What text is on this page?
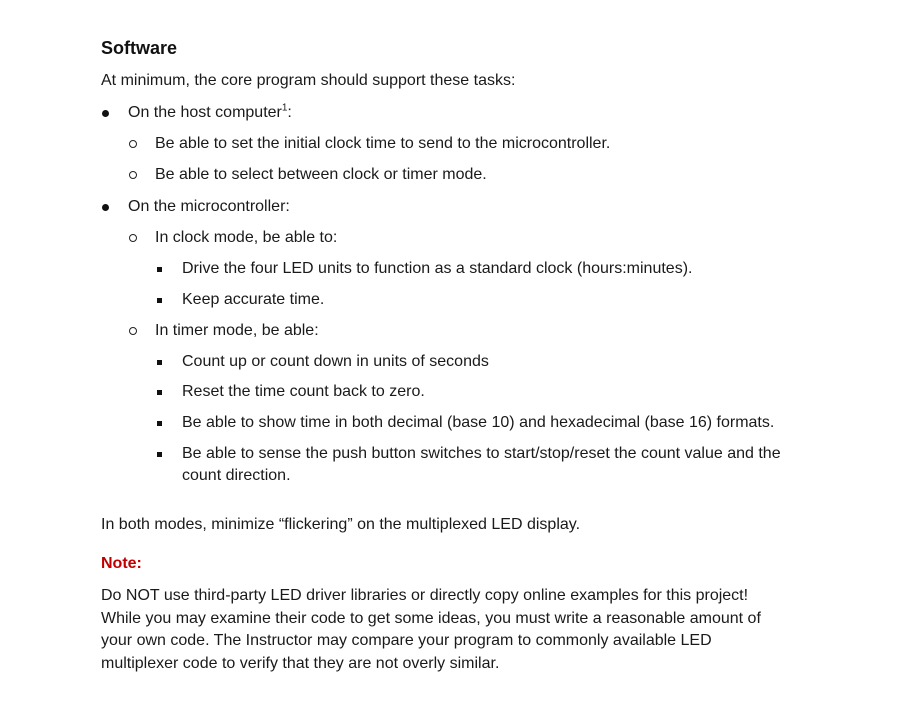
Software
At minimum, the core program should support these tasks:
On the host computer$^1$:
Be able to set the initial clock time to send to the microcontroller.
Be able to select between clock or timer mode.
On the microcontroller:
In clock mode, be able to:
Drive the four LED units to function as a standard clock (hours:minutes).
Keep accurate time.
In timer mode, be able:
Count up or count down in units of seconds
Reset the time count back to zero.
Be able to show time in both decimal (base 10) and hexadecimal (base 16) formats.
Be able to sense the push button switches to start/stop/reset the count value and the
count direction.
In both modes, minimize “flickering” on the multiplexed LED display.
Note:
Do NOT use third-party LED driver libraries or directly copy online examples for this project!
While you may examine their code to get some ideas, you must write a reasonable amount of
your own code. The Instructor may compare your program to commonly available LED
multiplexer code to verify that they are not overly similar.
